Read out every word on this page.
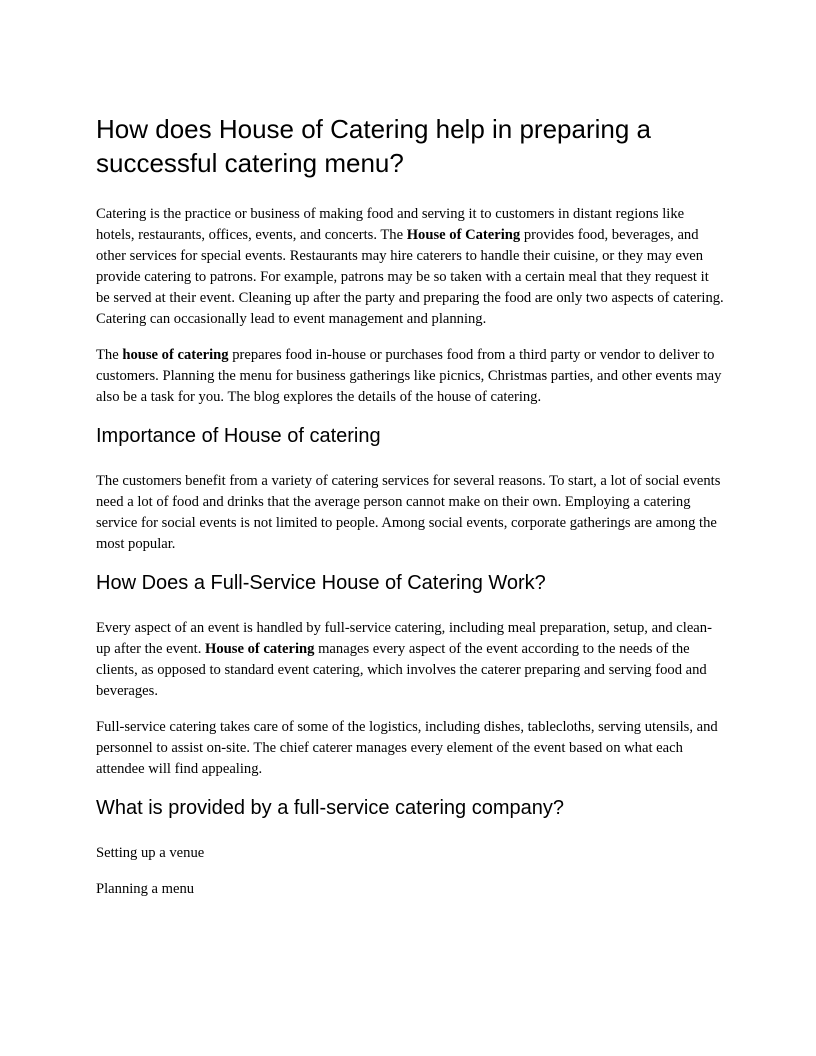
How does House of Catering help in preparing a successful catering menu?

Catering is the practice or business of making food and serving it to customers in distant regions like hotels, restaurants, offices, events, and concerts. The House of Catering provides food, beverages, and other services for special events. Restaurants may hire caterers to handle their cuisine, or they may even provide catering to patrons. For example, patrons may be so taken with a certain meal that they request it be served at their event. Cleaning up after the party and preparing the food are only two aspects of catering. Catering can occasionally lead to event management and planning.

The house of catering prepares food in-house or purchases food from a third party or vendor to deliver to customers. Planning the menu for business gatherings like picnics, Christmas parties, and other events may also be a task for you. The blog explores the details of the house of catering.

Importance of House of catering

The customers benefit from a variety of catering services for several reasons. To start, a lot of social events need a lot of food and drinks that the average person cannot make on their own. Employing a catering service for social events is not limited to people. Among social events, corporate gatherings are among the most popular.

How Does a Full-Service House of Catering Work?

Every aspect of an event is handled by full-service catering, including meal preparation, setup, and clean-up after the event. House of catering manages every aspect of the event according to the needs of the clients, as opposed to standard event catering, which involves the caterer preparing and serving food and beverages.

Full-service catering takes care of some of the logistics, including dishes, tablecloths, serving utensils, and personnel to assist on-site. The chief caterer manages every element of the event based on what each attendee will find appealing.

What is provided by a full-service catering company?

Setting up a venue

Planning a menu
